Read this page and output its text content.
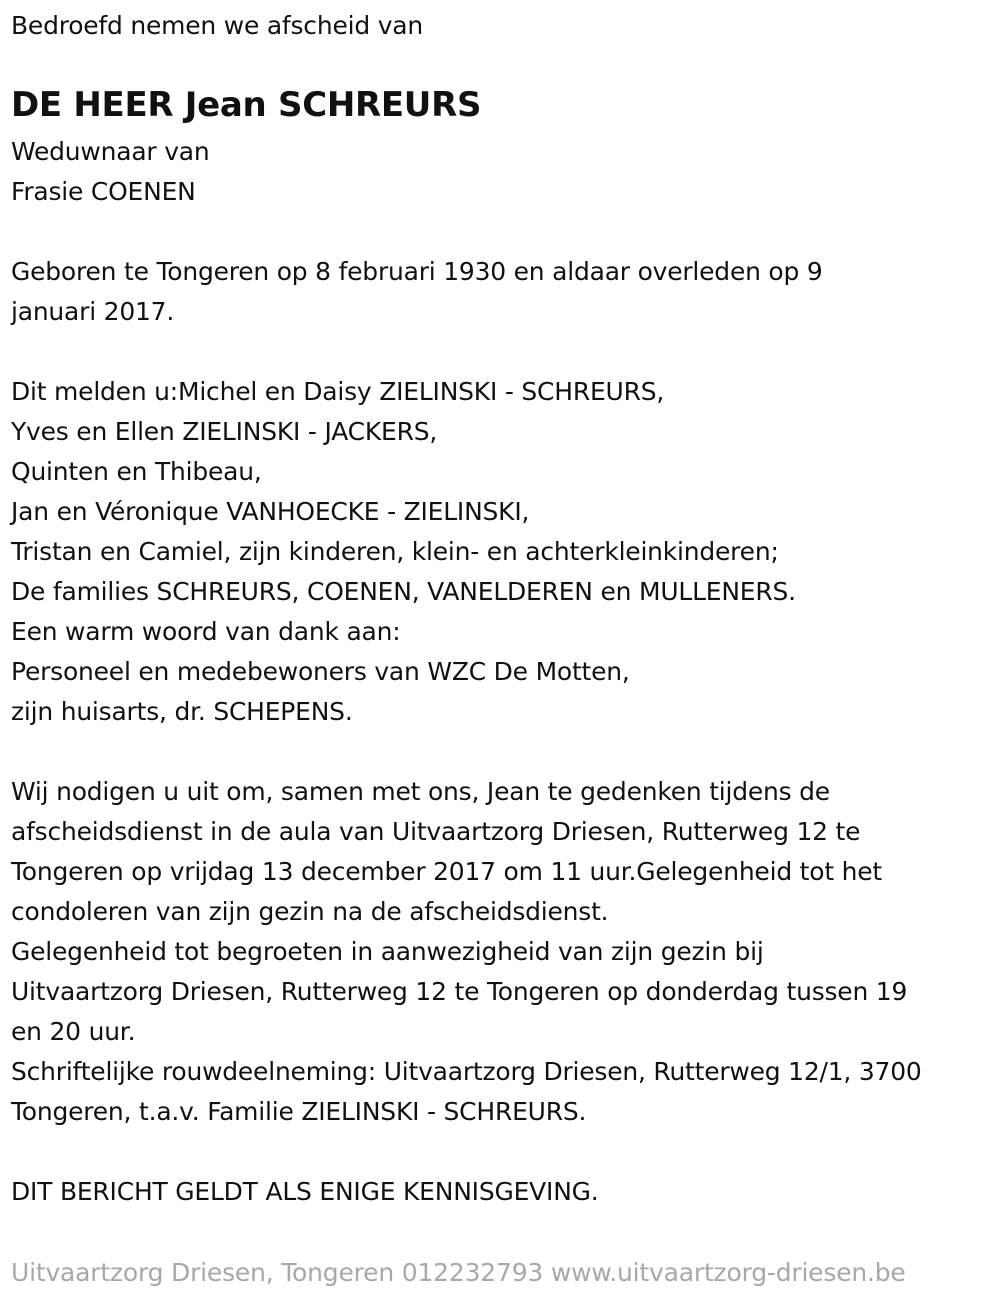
Bedroefd nemen we afscheid van
DE HEER Jean SCHREURS
Weduwnaar van
Frasie COENEN
Geboren te Tongeren op 8 februari 1930 en aldaar overleden op 9
januari 2017.
Dit melden u:Michel en Daisy ZIELINSKI - SCHREURS,
Yves en Ellen ZIELINSKI - JACKERS,
Quinten en Thibeau,
Jan en Véronique VANHOECKE - ZIELINSKI,
Tristan en Camiel, zijn kinderen, klein- en achterkleinkinderen;
De families SCHREURS, COENEN, VANELDEREN en MULLENERS.
Een warm woord van dank aan:
Personeel en medebewoners van WZC De Motten,
zijn huisarts, dr. SCHEPENS.
Wij nodigen u uit om, samen met ons, Jean te gedenken tijdens de
afscheidsdienst in de aula van Uitvaartzorg Driesen, Rutterweg 12 te
Tongeren op vrijdag 13 december 2017 om 11 uur.Gelegenheid tot het
condoleren van zijn gezin na de afscheidsdienst.
Gelegenheid tot begroeten in aanwezigheid van zijn gezin bij
Uitvaartzorg Driesen, Rutterweg 12 te Tongeren op donderdag tussen 19
en 20 uur.
Schriftelijke rouwdeelneming: Uitvaartzorg Driesen, Rutterweg 12/1, 3700
Tongeren, t.a.v. Familie ZIELINSKI - SCHREURS.
DIT BERICHT GELDT ALS ENIGE KENNISGEVING.
Uitvaartzorg Driesen, Tongeren 012232793 www.uitvaartzorg-driesen.be
